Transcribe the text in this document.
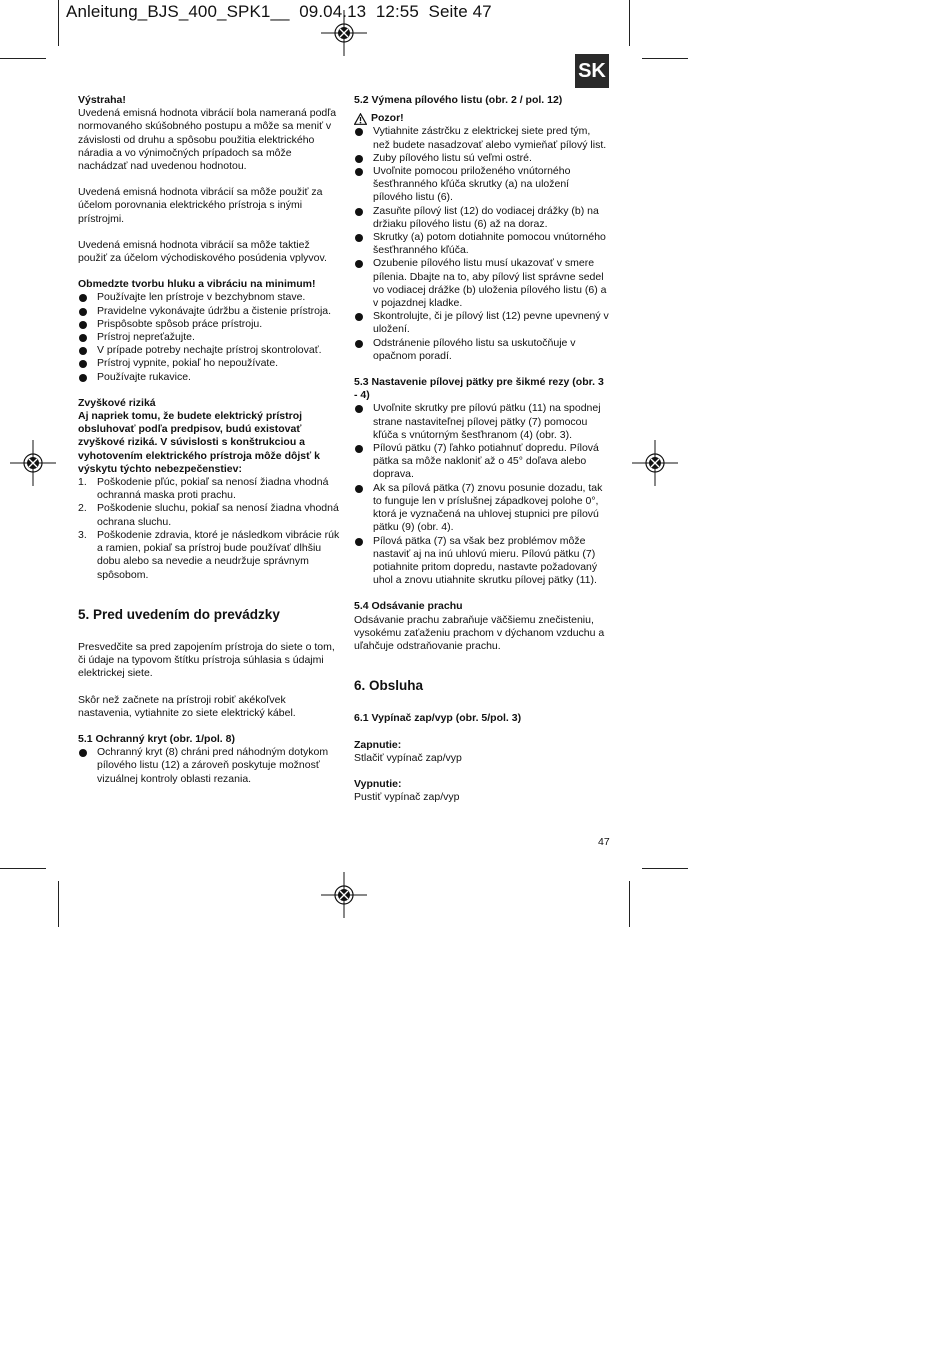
Anleitung_BJS_400_SPK1__  09.04.13  12:55  Seite 47
SK
Výstraha!

Uvedená emisná hodnota vibrácií bola nameraná podľa normovaného skúšobného postupu a môže sa meniť v závislosti od druhu a spôsobu použitia elektrického náradia a vo výnimočných prípadoch sa môže nachádzať nad uvedenou hodnotou.

Uvedená emisná hodnota vibrácií sa môže použiť za účelom porovnania elektrického prístroja s inými prístrojmi.

Uvedená emisná hodnota vibrácií sa môže taktiež použiť za účelom východiskového posúdenia vplyvov.

Obmedzte tvorbu hluku a vibráciu na minimum!
Používajte len prístroje v bezchybnom stave.
Pravidelne vykonávajte údržbu a čistenie prístroja.
Prispôsobte spôsob práce prístroju.
Prístroj nepreťažujte.
V prípade potreby nechajte prístroj skontrolovať.
Prístroj vypnite, pokiaľ ho nepoužívate.
Používajte rukavice.
Zvyškové riziká
Aj napriek tomu, že budete elektrický prístroj obsluhovať podľa predpisov, budú existovať zvyškové riziká. V súvislosti s konštrukciou a vyhotovením elektrického prístroja môže dôjsť k výskytu týchto nebezpečenstiev:
1. Poškodenie pľúc, pokiaľ sa nenosí žiadna vhodná ochranná maska proti prachu.
2. Poškodenie sluchu, pokiaľ sa nenosí žiadna vhodná ochrana sluchu.
3. Poškodenie zdravia, ktoré je následkom vibrácie rúk a ramien, pokiaľ sa prístroj bude používať dlhšiu dobu alebo sa nevedie a neudržuje správnym spôsobom.
5. Pred uvedením do prevádzky

Presvedčite sa pred zapojením prístroja do siete o tom, či údaje na typovom štítku prístroja súhlasia s údajmi elektrickej siete.

Skôr než začnete na prístroji robiť akékoľvek nastavenia, vytiahnite zo siete elektrický kábel.

5.1 Ochranný kryt (obr. 1/pol. 8)
Ochranný kryt (8) chráni pred náhodným dotykom pílového listu (12) a zároveň poskytuje možnosť vizuálnej kontroly oblasti rezania.
5.2 Výmena pílového listu (obr. 2 / pol. 12)
Pozor!
Vytiahnite zástrčku z elektrickej siete pred tým, než budete nasadzovať alebo vymieňať pílový list.
Zuby pílového listu sú veľmi ostré.
Uvoľnite pomocou priloženého vnútorného šesťhranného kľúča skrutky (a) na uložení pílového listu (6).
Zasuňte pílový list (12) do vodiacej drážky (b) na držiaku pílového listu (6) až na doraz.
Skrutky (a) potom dotiahnite pomocou vnútorného šesťhranného kľúča.
Ozubenie pílového listu musí ukazovať v smere pílenia. Dbajte na to, aby pílový list správne sedel vo vodiacej drážke (b) uloženia pílového listu (6) a v pojazdnej kladke.
Skontrolujte, či je pílový list (12) pevne upevnený v uložení.
Odstránenie pílového listu sa uskutočňuje v opačnom poradí.
5.3 Nastavenie pílovej pätky pre šikmé rezy (obr. 3 - 4)
Uvoľnite skrutky pre pílovú pätku (11) na spodnej strane nastaviteľnej pílovej pätky (7) pomocou kľúča s vnútorným šesťhranom (4) (obr. 3).
Pílovú pätku (7) ľahko potiahnuť dopredu. Pílová pätka sa môže nakloniť až o 45° doľava alebo doprava.
Ak sa pílová pätka (7) znovu posunie dozadu, tak to funguje len v príslušnej západkovej polohe 0°, ktorá je vyznačená na uhlovej stupnici pre pílovú pätku (9) (obr. 4).
Pílová pätka (7) sa však bez problémov môže nastaviť aj na inú uhlovú mieru. Pílovú pätku (7) potiahnite pritom dopredu, nastavte požadovaný uhol a znovu utiahnite skrutku pílovej pätky (11).
5.4 Odsávanie prachu

Odsávanie prachu zabraňuje väčšiemu znečisteniu, vysokému zaťaženiu prachom v dýchanom vzduchu a uľahčuje odstraňovanie prachu.

6. Obsluha
6.1 Vypínač zap/vyp (obr. 5/pol. 3)
Zapnutie:

Stlačiť vypínač zap/vyp

Vypnutie:

Pustiť vypínač zap/vyp

47
